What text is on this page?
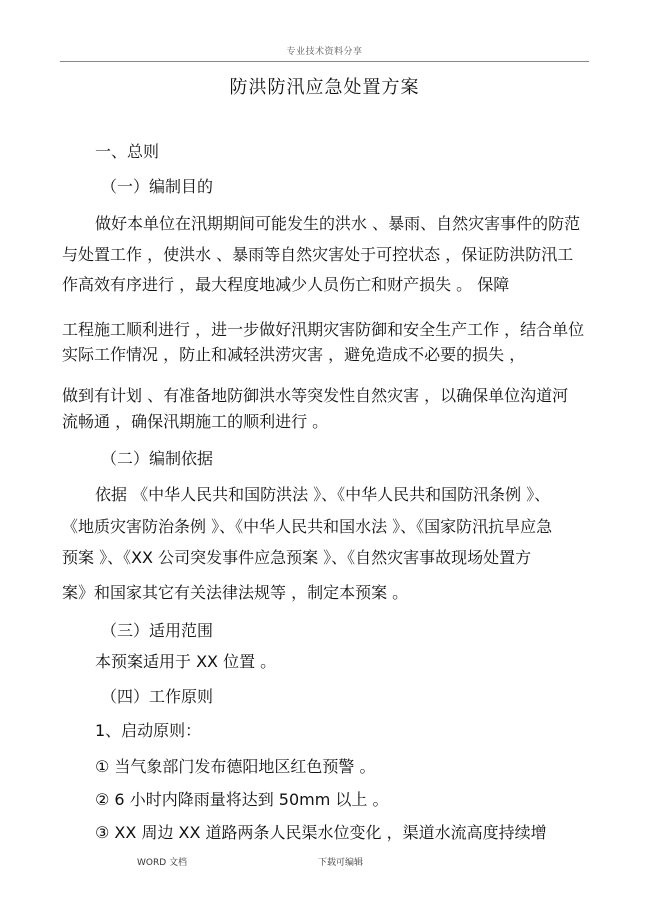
专业技术资料分享
防洪防汛应急处置方案
一、总则
（一）编制目的
做好本单位在汛期期间可能发生的洪水 、暴雨、自然灾害事件的防范
与处置工作 ，使洪水 、暴雨等自然灾害处于可控状态 ，保证防洪防汛工
作高效有序进行 ，最大程度地减少人员伤亡和财产损失 。 保障
工程施工顺利进行 ，进一步做好汛期灾害防御和安全生产工作 ，结合单位
实际工作情况 ，防止和减轻洪涝灾害 ，避免造成不必要的损失 ，
做到有计划 、有准备地防御洪水等突发性自然灾害 ，以确保单位沟道河
流畅通 ，确保汛期施工的顺利进行 。
（二）编制依据
依据 《中华人民共和国防洪法 》、《中华人民共和国防汛条例 》、
《地质灾害防治条例 》、《中华人民共和国水法 》、《国家防汛抗旱应急
预案 》、《XX 公司突发事件应急预案 》、《自然灾害事故现场处置方
案》和国家其它有关法律法规等 ，制定本预案 。
（三）适用范围
本预案适用于 XX 位置 。
（四）工作原则
1、启动原则：
① 当气象部门发布德阳地区红色预警 。
② 6 小时内降雨量将达到 50mm 以上 。
③ XX 周边 XX 道路两条人民渠水位变化 ，渠道水流高度持续增
WORD 文档	下载可编辑
